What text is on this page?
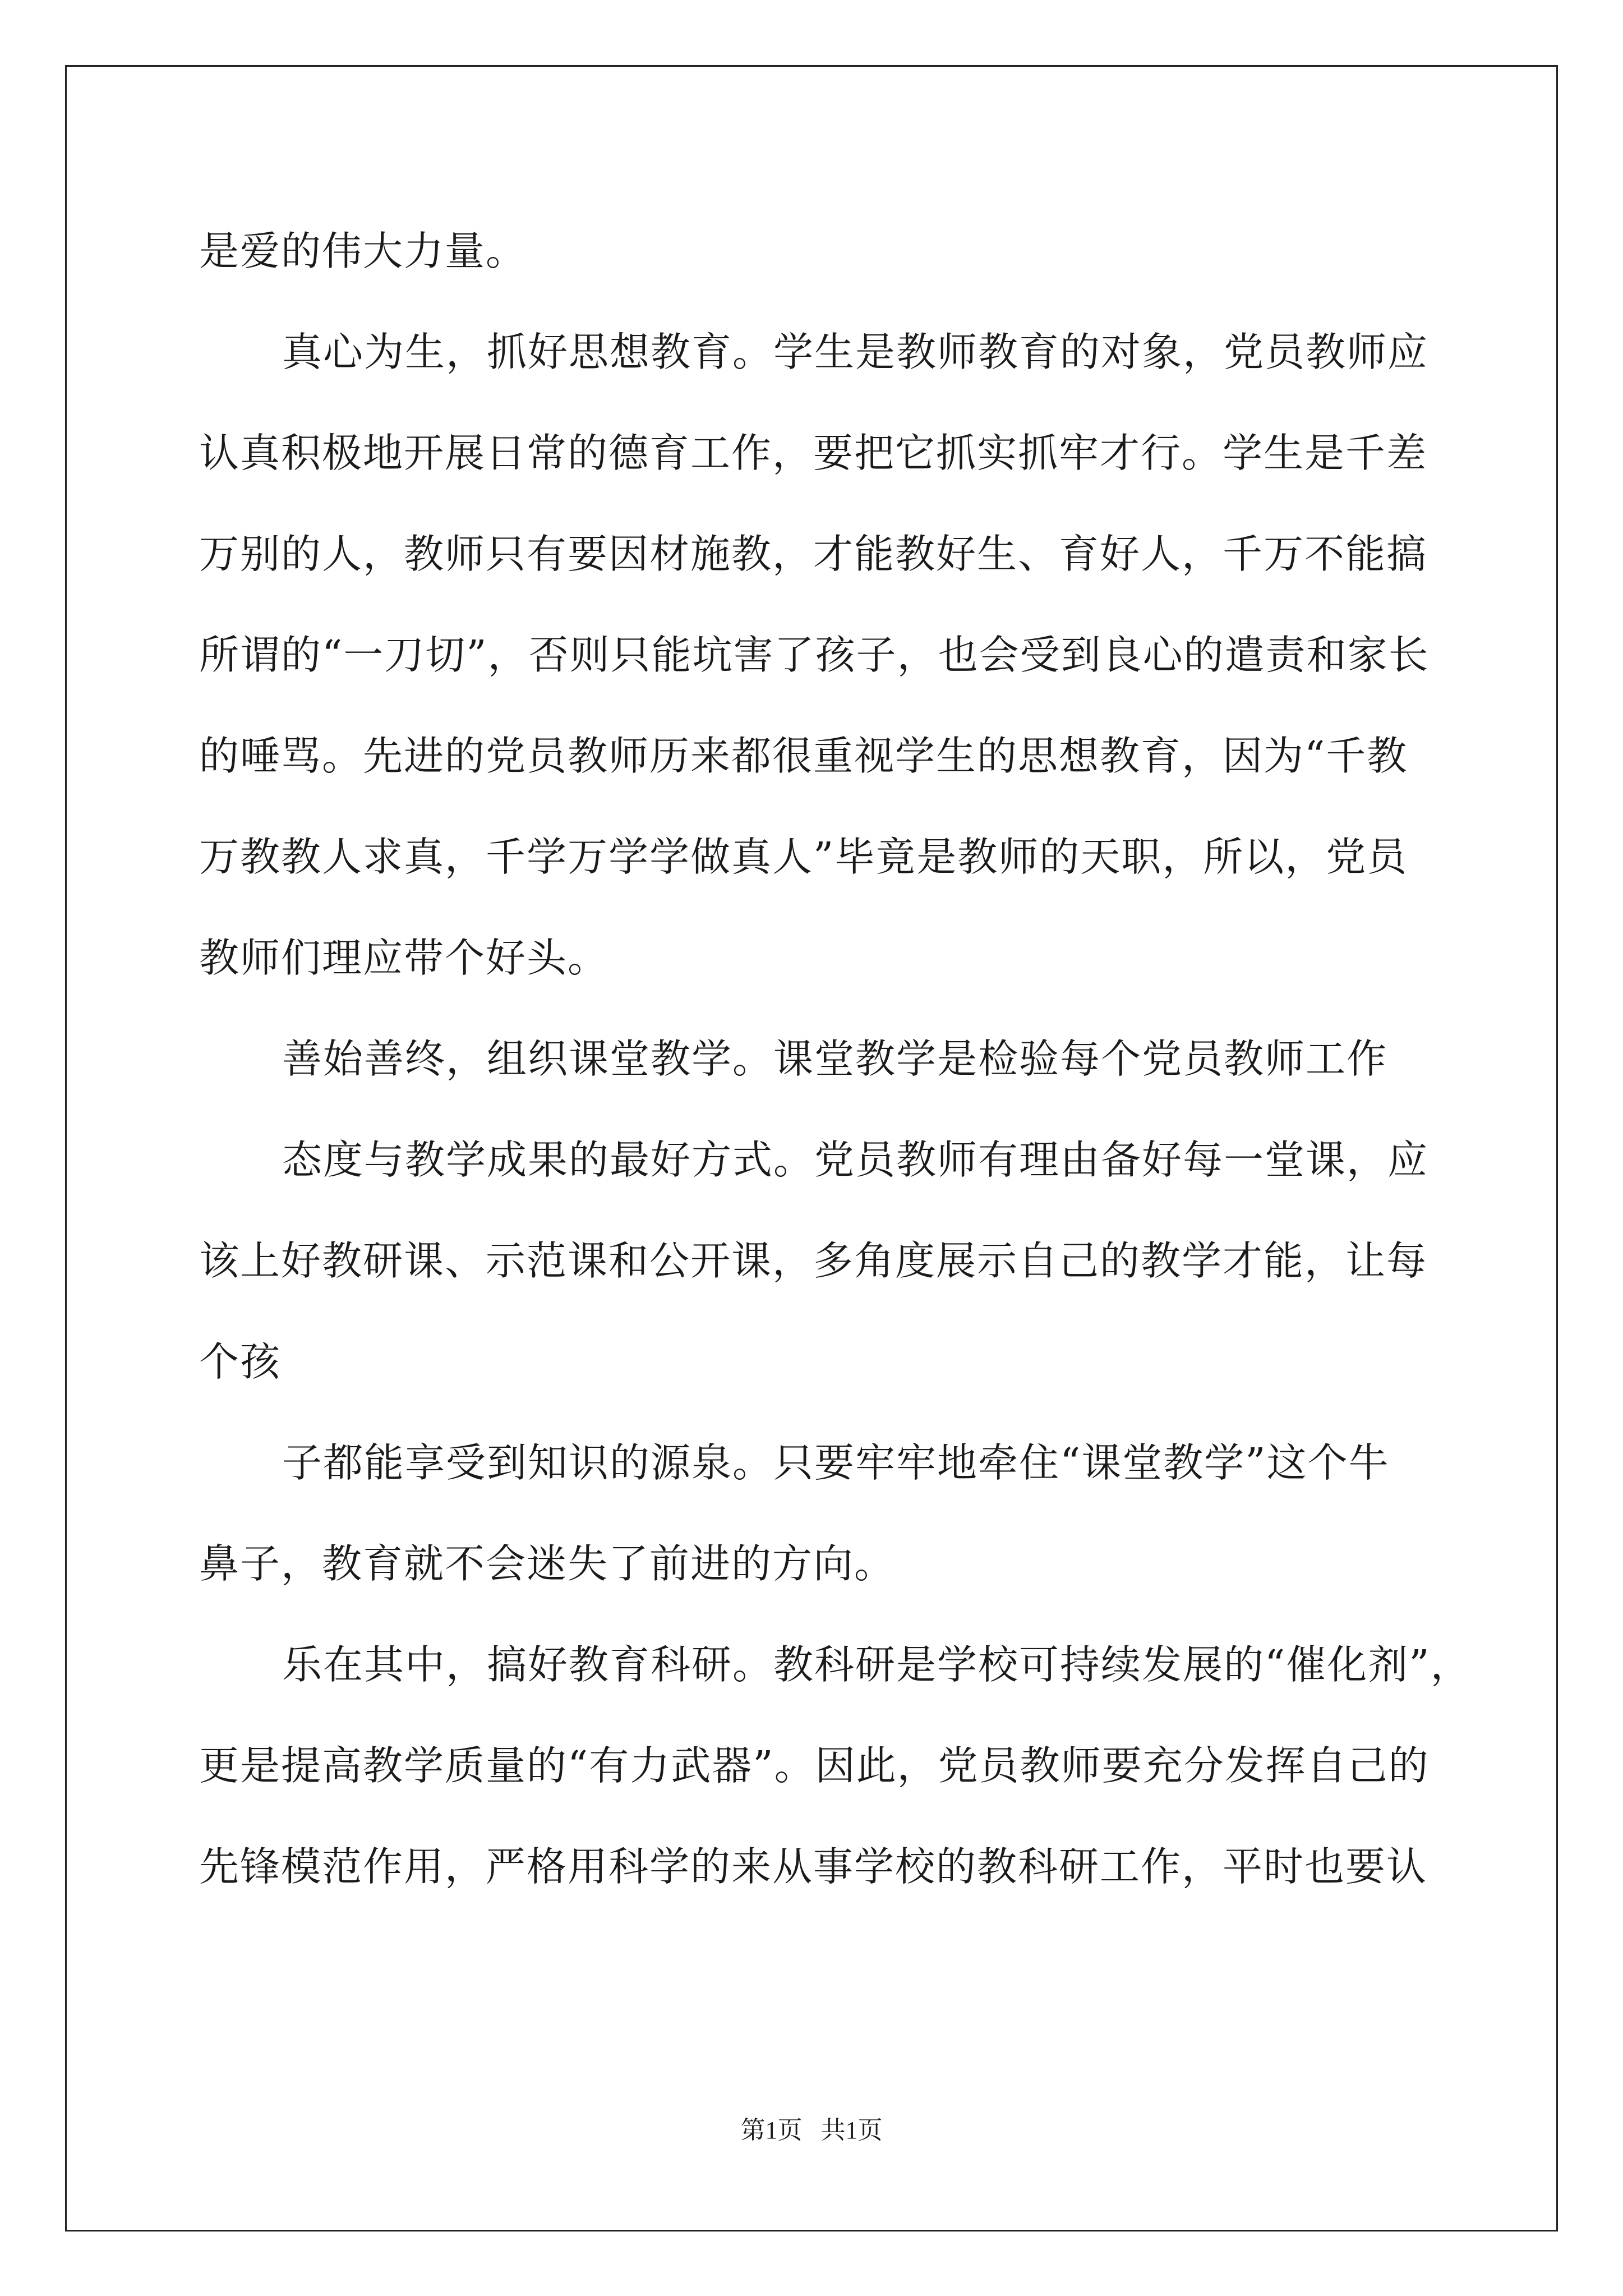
是爱的伟大力量。
真心为生，抓好思想教育。学生是教师教育的对象，党员教师应
认真积极地开展日常的德育工作，要把它抓实抓牢才行。学生是千差
万别的人，教师只有要因材施教，才能教好生、育好人，千万不能搞
所谓的“一刀切”，否则只能坑害了孩子，也会受到良心的遣责和家长
的唾骂。先进的党员教师历来都很重视学生的思想教育，因为“千教
万教教人求真，千学万学学做真人”毕竟是教师的天职，所以，党员
教师们理应带个好头。
善始善终，组织课堂教学。课堂教学是检验每个党员教师工作
态度与教学成果的最好方式。党员教师有理由备好每一堂课，应
该上好教研课、示范课和公开课，多角度展示自己的教学才能，让每
个孩
子都能享受到知识的源泉。只要牢牢地牵住“课堂教学”这个牛
鼻子，教育就不会迷失了前进的方向。
乐在其中，搞好教育科研。教科研是学校可持续发展的“催化剂”，
更是提高教学质量的“有力武器”。因此，党员教师要充分发挥自己的
先锋模范作用，严格用科学的来从事学校的教科研工作，平时也要认
第1页   共1页
